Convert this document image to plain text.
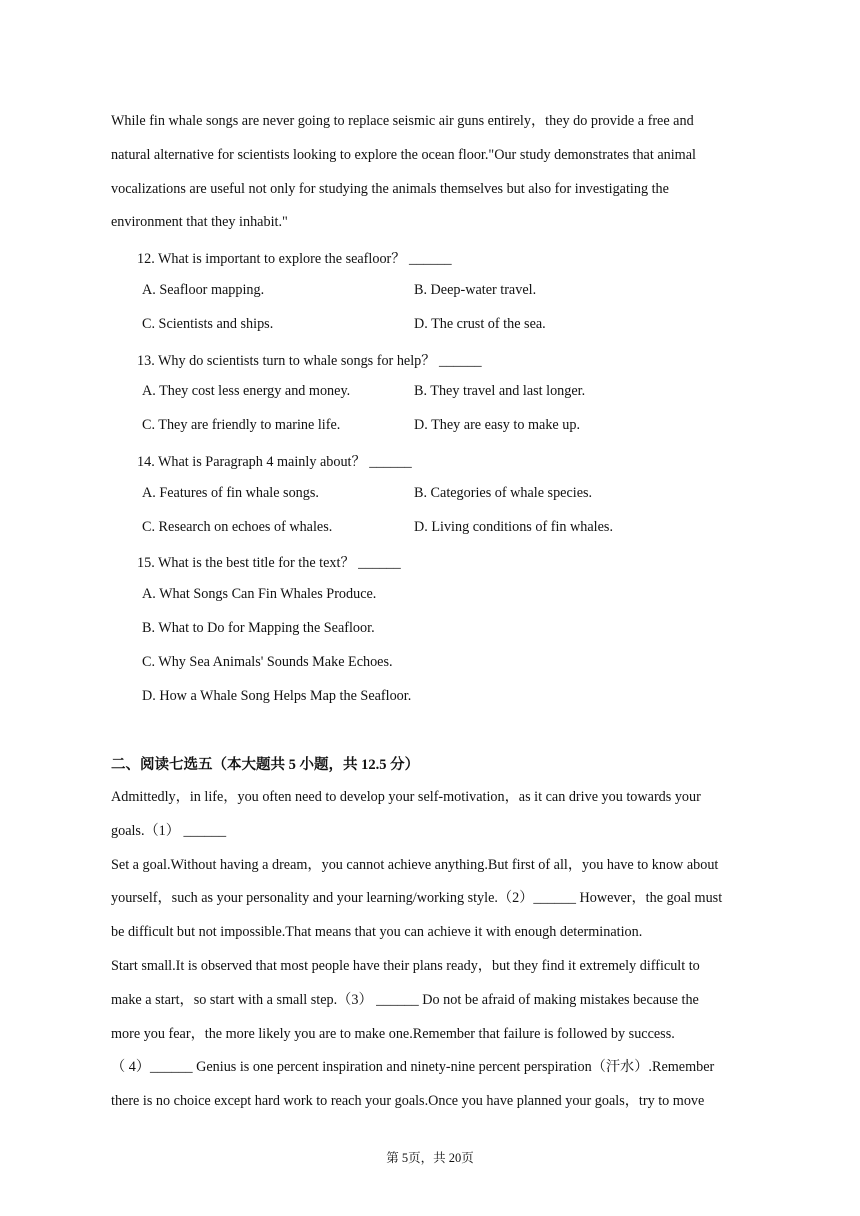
While fin whale songs are never going to replace seismic air guns entirely，they do provide a free and
natural alternative for scientists looking to explore the ocean floor."Our study demonstrates that animal
vocalizations are useful not only for studying the animals themselves but also for investigating the
environment that they inhabit."
12. What is important to explore the seafloor？ ______
A. Seafloor mapping.	B. Deep-water travel.
C. Scientists and ships.	D. The crust of the sea.
13. Why do scientists turn to whale songs for help？ ______
A. They cost less energy and money.	B. They travel and last longer.
C. They are friendly to marine life.	D. They are easy to make up.
14. What is Paragraph 4 mainly about？ ______
A. Features of fin whale songs.	B. Categories of whale species.
C. Research on echoes of whales.	D. Living conditions of fin whales.
15. What is the best title for the text？ ______
A. What Songs Can Fin Whales Produce.
B. What to Do for Mapping the Seafloor.
C. Why Sea Animals' Sounds Make Echoes.
D. How a Whale Song Helps Map the Seafloor.
二、阅读七选五（本大题共 5 小题，共 12.5 分）
Admittedly，in life，you often need to develop your self-motivation，as it can drive you towards your
goals.（1） ______
Set a goal.Without having a dream，you cannot achieve anything.But first of all，you have to know about
yourself，such as your personality and your learning/working style.（2）______ However，the goal must
be difficult but not impossible.That means that you can achieve it with enough determination.
Start small.It is observed that most people have their plans ready，but they find it extremely difficult to
make a start，so start with a small step.（3） ______ Do not be afraid of making mistakes because the
more you fear，the more likely you are to make one.Remember that failure is followed by success.
（ 4）______ Genius is one percent inspiration and ninety-nine percent perspiration（汗水）.Remember
there is no choice except hard work to reach your goals.Once you have planned your goals，try to move
第 5页，共 20页
